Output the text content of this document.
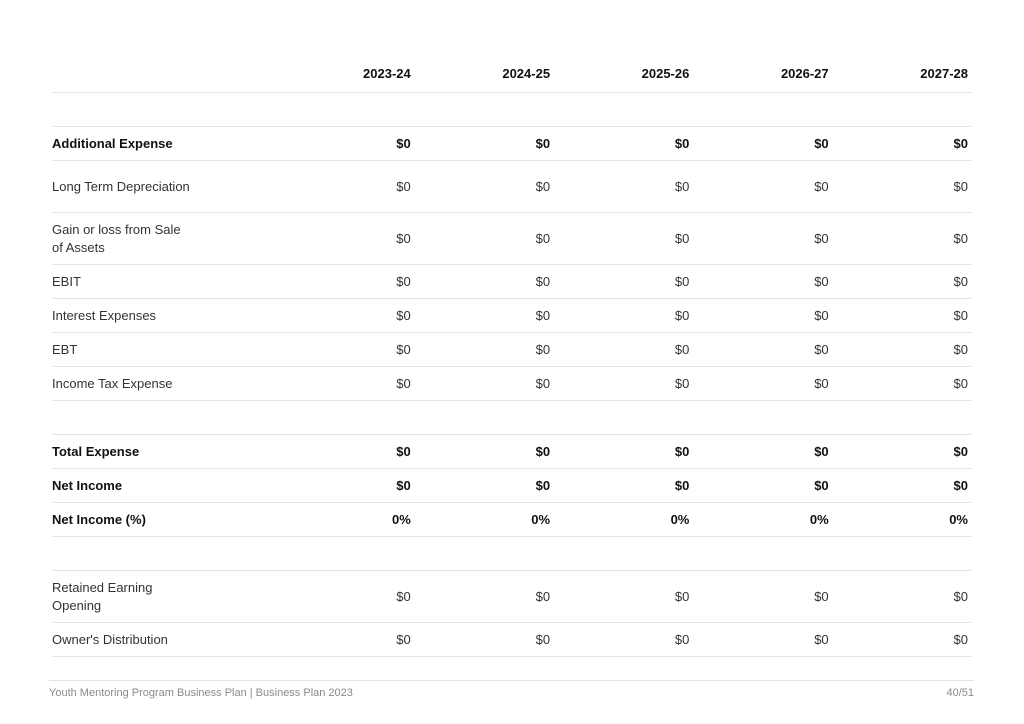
		2023-24	2024-25	2025-26	2026-27	2027-28

Additional Expense		$0	$0	$0	$0	$0
Long Term Depreciation		$0	$0	$0	$0	$0
Gain or loss from Sale of Assets		$0	$0	$0	$0	$0
EBIT		$0	$0	$0	$0	$0
Interest Expenses		$0	$0	$0	$0	$0
EBT		$0	$0	$0	$0	$0
Income Tax Expense		$0	$0	$0	$0	$0

Total Expense		$0	$0	$0	$0	$0
Net Income		$0	$0	$0	$0	$0
Net Income (%)		0%	0%	0%	0%	0%

Retained Earning Opening		$0	$0	$0	$0	$0
Owner's Distribution		$0	$0	$0	$0	$0
Youth Mentoring Program Business Plan | Business Plan 2023	40/51
